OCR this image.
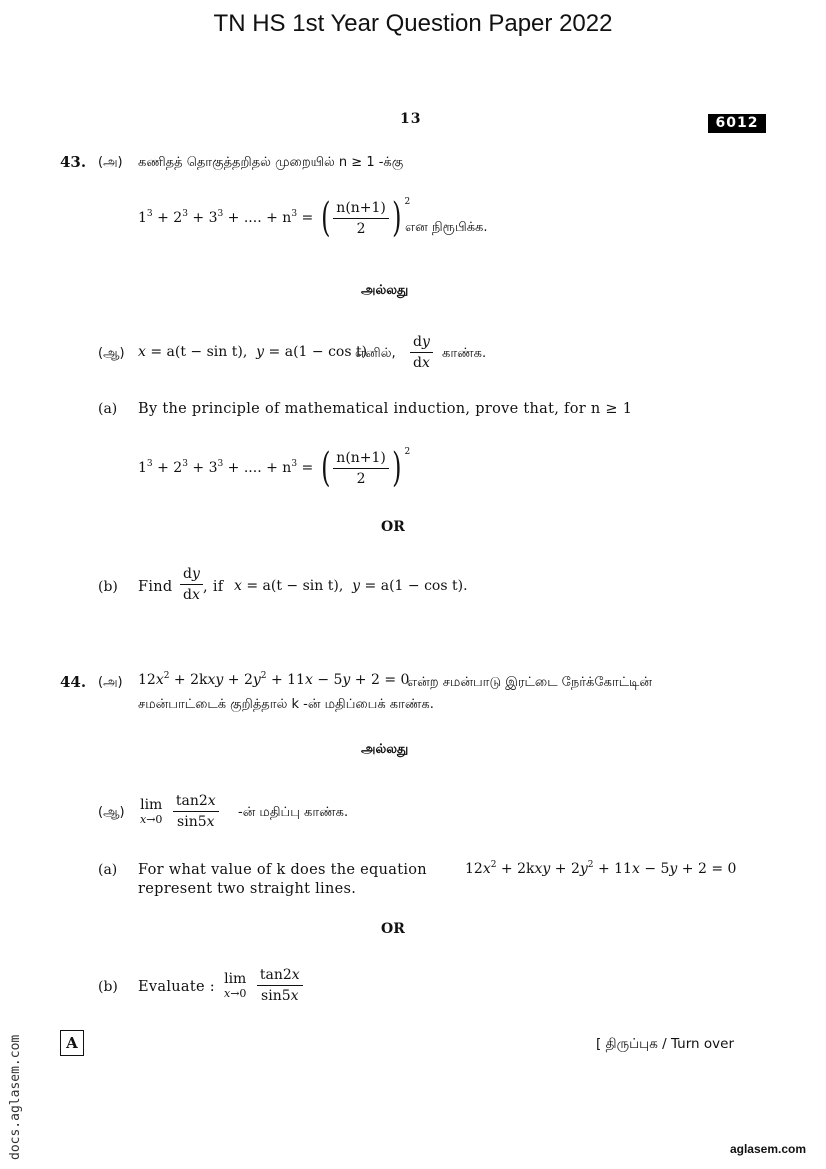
TN HS 1st Year Question Paper 2022
13	6012
43. (அ) கணிதத் தொகுத்தறிதல் முறையில் n ≥ 1 -க்கு
$1^3 + 2^3 + 3^3$ + .... + $n^3$ = ( $\frac{n(n+1)}{2}$ ) $^2$
என நிரூபிக்க.
அல்லது
(ஆ) x = a(t − sin t),  y = a(1 − cos t)
எனில், $\frac{dy}{dx}$ காண்க.
(a) By the principle of mathematical induction, prove that, for n ≥ 1
$1^3 + 2^3 + 3^3$ + .... + $n^3$ = ( $\frac{n(n+1)}{2}$ ) $^2$
OR
(b) Find $\frac{dy}{dx}$ , if x = a(t − sin t),  y = a(1 − cos t).
44. (அ) $12x^2 + 2kxy + 2y^2 + 11x - 5y + 2 = 0$
என்ற சமன்பாடு இரட்டை நேர்க்கோட்டின்
சமன்பாட்டைக் குறித்தால் k -ன் மதிப்பைக் காண்க.
அல்லது
(ஆ) lim
x→0
$\frac{\tan 2x}{\sin 5x}$ -ன் மதிப்பு காண்க.
(a) For what value of k does the equation	$12x^2 + 2kxy + 2y^2 + 11x - 5y + 2 = 0$
represent two straight lines.
OR
(b) Evaluate : lim
x→0
$\frac{\tan 2x}{\sin 5x}$
A	[ திருப்புக / Turn over
docs.aglasem.com	aglasem.com
